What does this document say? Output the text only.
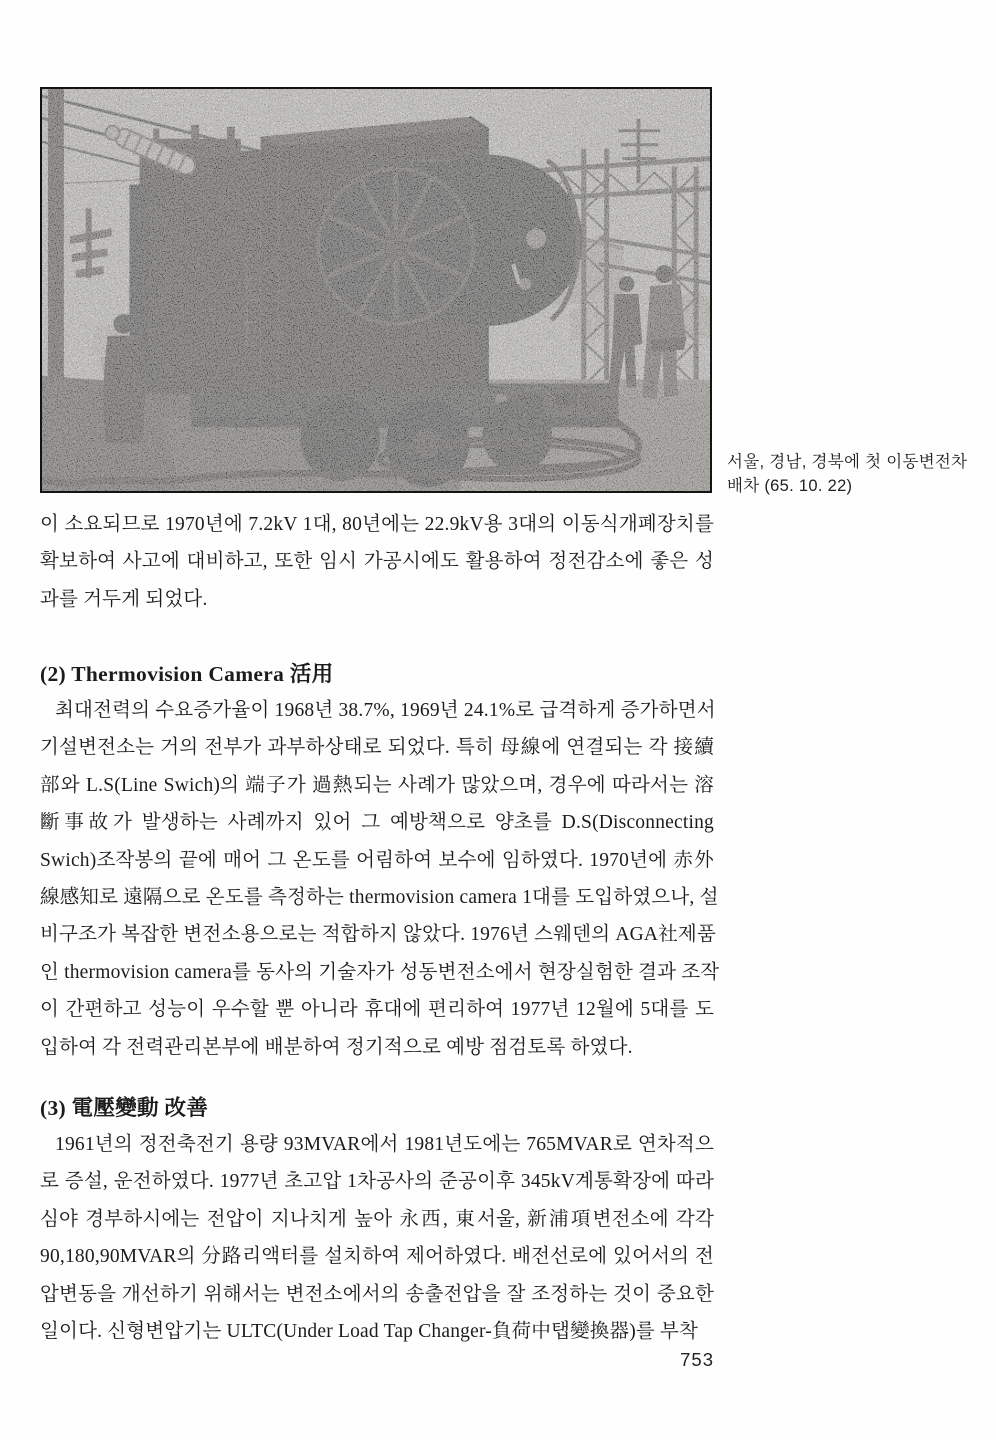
서울, 경남, 경북에 첫 이동변전차
배차 (65. 10. 22)
이 소요되므로 1970년에 7.2kV 1대, 80년에는 22.9kV용 3대의 이동식개폐장치를
확보하여 사고에 대비하고, 또한 임시 가공시에도 활용하여 정전감소에 좋은 성
과를 거두게 되었다.
(2) Thermovision Camera 活用
최대전력의 수요증가율이 1968년 38.7%, 1969년 24.1%로 급격하게 증가하면서
기설변전소는 거의 전부가 과부하상태로 되었다. 특히 母線에 연결되는 각 接續
部와 L.S(Line Swich)의 端子가 過熱되는 사례가 많았으며, 경우에 따라서는 溶
斷事故가 발생하는 사례까지 있어 그 예방책으로 양초를 D.S(Disconnecting
Swich)조작봉의 끝에 매어 그 온도를 어림하여 보수에 임하였다. 1970년에 赤外
線感知로 遠隔으로 온도를 측정하는 thermovision camera 1대를 도입하였으나, 설
비구조가 복잡한 변전소용으로는 적합하지 않았다. 1976년 스웨덴의 AGA社제품
인 thermovision camera를 동사의 기술자가 성동변전소에서 현장실험한 결과 조작
이 간편하고 성능이 우수할 뿐 아니라 휴대에 편리하여 1977년 12월에 5대를 도
입하여 각 전력관리본부에 배분하여 정기적으로 예방 점검토록 하였다.
(3) 電壓變動 改善
1961년의 정전축전기 용량 93MVAR에서 1981년도에는 765MVAR로 연차적으
로 증설, 운전하였다. 1977년 초고압 1차공사의 준공이후 345kV계통확장에 따라
심야 경부하시에는 전압이 지나치게 높아 永西, 東서울, 新浦項변전소에 각각
90,180,90MVAR의 分路리액터를 설치하여 제어하였다. 배전선로에 있어서의 전
압변동을 개선하기 위해서는 변전소에서의 송출전압을 잘 조정하는 것이 중요한
일이다. 신형변압기는 ULTC(Under Load Tap Changer-負荷中탭變換器)를 부착
753
